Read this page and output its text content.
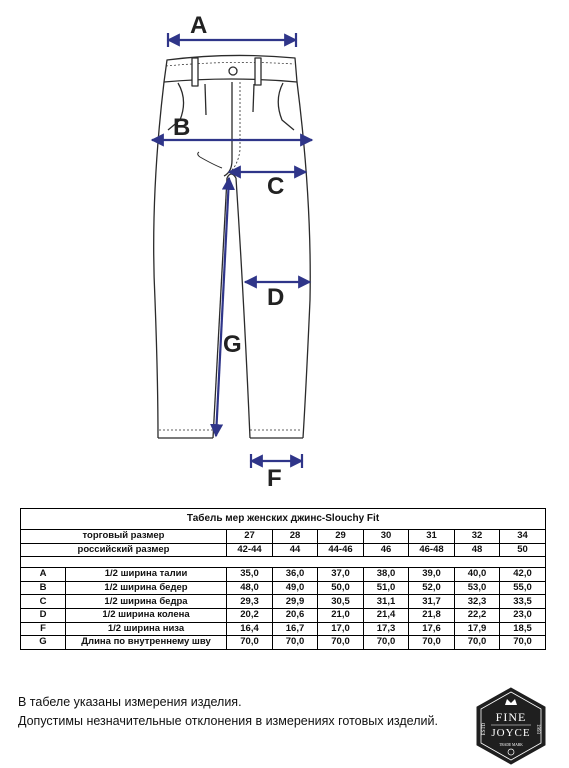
A
B
C
D
G
F
Табель мер женских джинс-Slouchy Fit								
торговый размер		27	28	29	30	31	32	34
российский размер		42-44	44	44-46	46	46-48	48	50

A	1/2 ширина талии	35,0	36,0	37,0	38,0	39,0	40,0	42,0
B	1/2 ширина бедер	48,0	49,0	50,0	51,0	52,0	53,0	55,0
C	1/2 ширина бедра	29,3	29,9	30,5	31,1	31,7	32,3	33,5
D	1/2 ширина колена	20,2	20,6	21,0	21,4	21,8	22,2	23,0
F	1/2 ширина низа	16,4	16,7	17,0	17,3	17,6	17,9	18,5
G	Длина по внутреннему шву	70,0	70,0	70,0	70,0	70,0	70,0	70,0
В табеле указаны измерения изделия.
Допустимы незначительные отклонения в измерениях готовых изделий.	FINE
JOYCE
ESTD	1993
TRADE MARK
